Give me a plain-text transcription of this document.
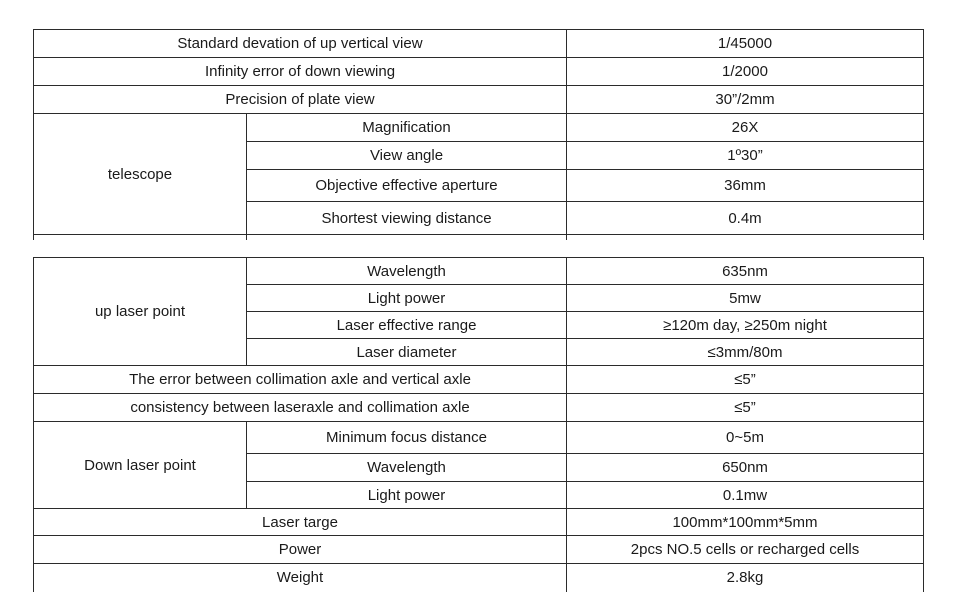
Standard devation of up vertical view		1/45000
Infinity error of down viewing		1/2000
Precision of plate view		30”/2mm
telescope	Magnification	26X
	View angle	1º30”
	Objective effective aperture	36mm
	Shortest viewing distance	0.4m

up laser point	Wavelength	635nm
	Light power	5mw
	Laser effective range	≥120m day, ≥250m night
	Laser diameter	≤3mm/80m
The error between collimation axle and vertical axle		≤5”
consistency between laseraxle and collimation axle		≤5”
Down laser point	Minimum focus distance	0~5m
	Wavelength	650nm
	Light power	0.1mw
Laser targe		100mm*100mm*5mm
Power		2pcs NO.5 cells or recharged cells
Weight		2.8kg
